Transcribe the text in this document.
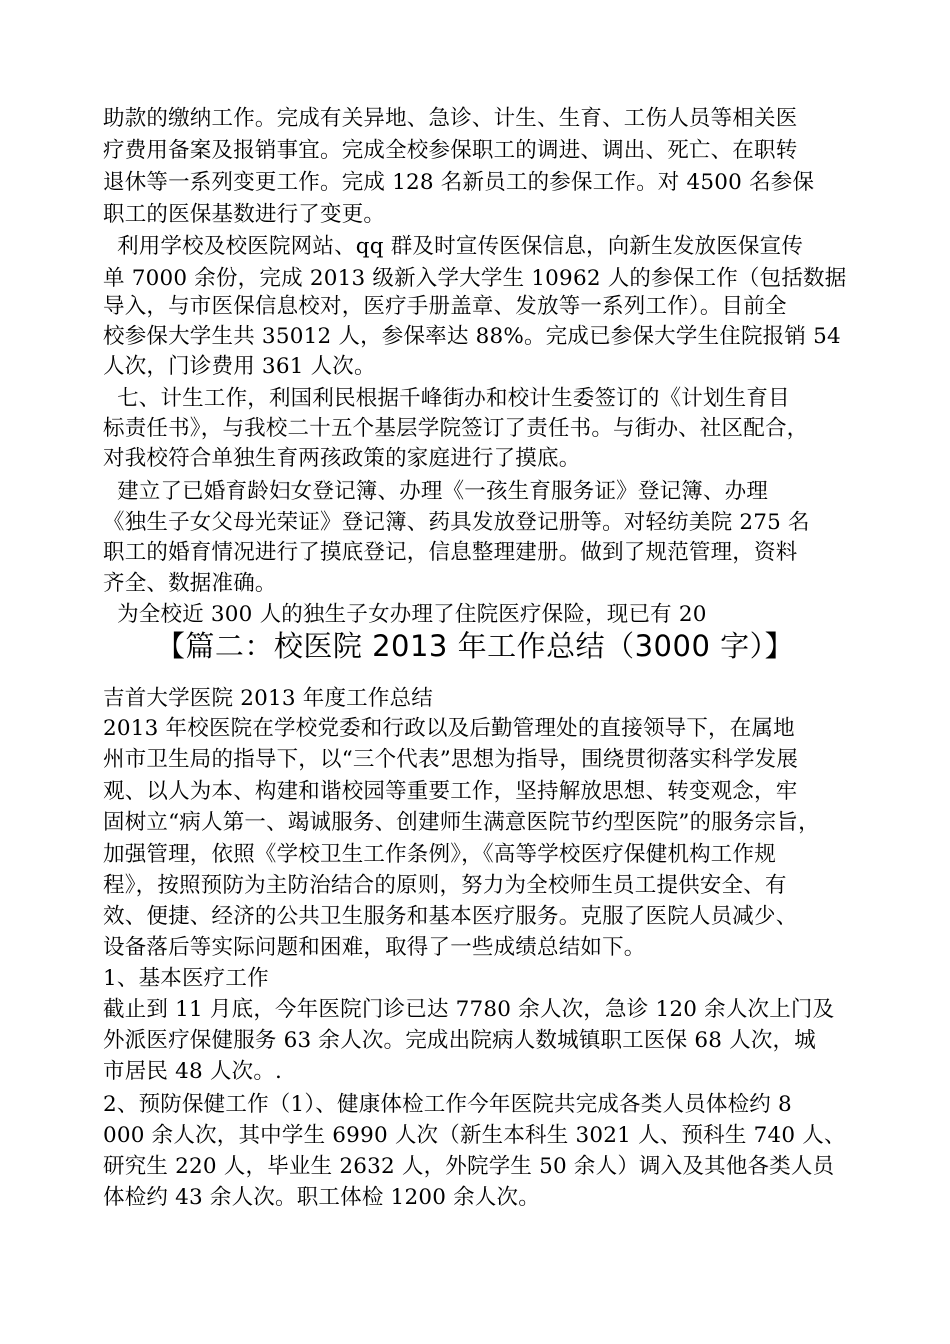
助款的缴纳工作。完成有关异地、急诊、计生、生育、工伤人员等相关医
疗费用备案及报销事宜。完成全校参保职工的调进、调出、死亡、在职转
退休等一系列变更工作。完成 128 名新员工的参保工作。对 4500 名参保
职工的医保基数进行了变更。
利用学校及校医院网站、qq 群及时宣传医保信息，向新生发放医保宣传
单 7000 余份，完成 2013 级新入学大学生 10962 人的参保工作（包括数据
导入，与市医保信息校对，医疗手册盖章、发放等一系列工作）。目前全
校参保大学生共 35012 人，参保率达 88%。完成已参保大学生住院报销 54
人次，门诊费用 361 人次。
七、计生工作，利国利民根据千峰街办和校计生委签订的《计划生育目
标责任书》，与我校二十五个基层学院签订了责任书。与街办、社区配合，
对我校符合单独生育两孩政策的家庭进行了摸底。
建立了已婚育龄妇女登记簿、办理《一孩生育服务证》登记簿、办理
《独生子女父母光荣证》登记簿、药具发放登记册等。对轻纺美院 275 名
职工的婚育情况进行了摸底登记，信息整理建册。做到了规范管理，资料
齐全、数据准确。
为全校近 300 人的独生子女办理了住院医疗保险，现已有 20
【篇二：校医院 2013 年工作总结（3000 字）】
吉首大学医院 2013 年度工作总结
2013 年校医院在学校党委和行政以及后勤管理处的直接领导下，在属地
州市卫生局的指导下，以“三个代表”思想为指导，围绕贯彻落实科学发展
观、以人为本、构建和谐校园等重要工作，坚持解放思想、转变观念，牢
固树立“病人第一、竭诚服务、创建师生满意医院节约型医院”的服务宗旨，
加强管理，依照《学校卫生工作条例》，《高等学校医疗保健机构工作规
程》，按照预防为主防治结合的原则，努力为全校师生员工提供安全、有
效、便捷、经济的公共卫生服务和基本医疗服务。克服了医院人员减少、
设备落后等实际问题和困难，取得了一些成绩总结如下。
1、基本医疗工作
截止到 11 月底，今年医院门诊已达 7780 余人次，急诊 120 余人次上门及
外派医疗保健服务 63 余人次。完成出院病人数城镇职工医保 68 人次，城
市居民 48 人次。.
2、预防保健工作（1）、健康体检工作今年医院共完成各类人员体检约 8
000 余人次，其中学生 6990 人次（新生本科生 3021 人、预科生 740 人、
研究生 220 人，毕业生 2632 人，外院学生 50 余人）调入及其他各类人员
体检约 43 余人次。职工体检 1200 余人次。
